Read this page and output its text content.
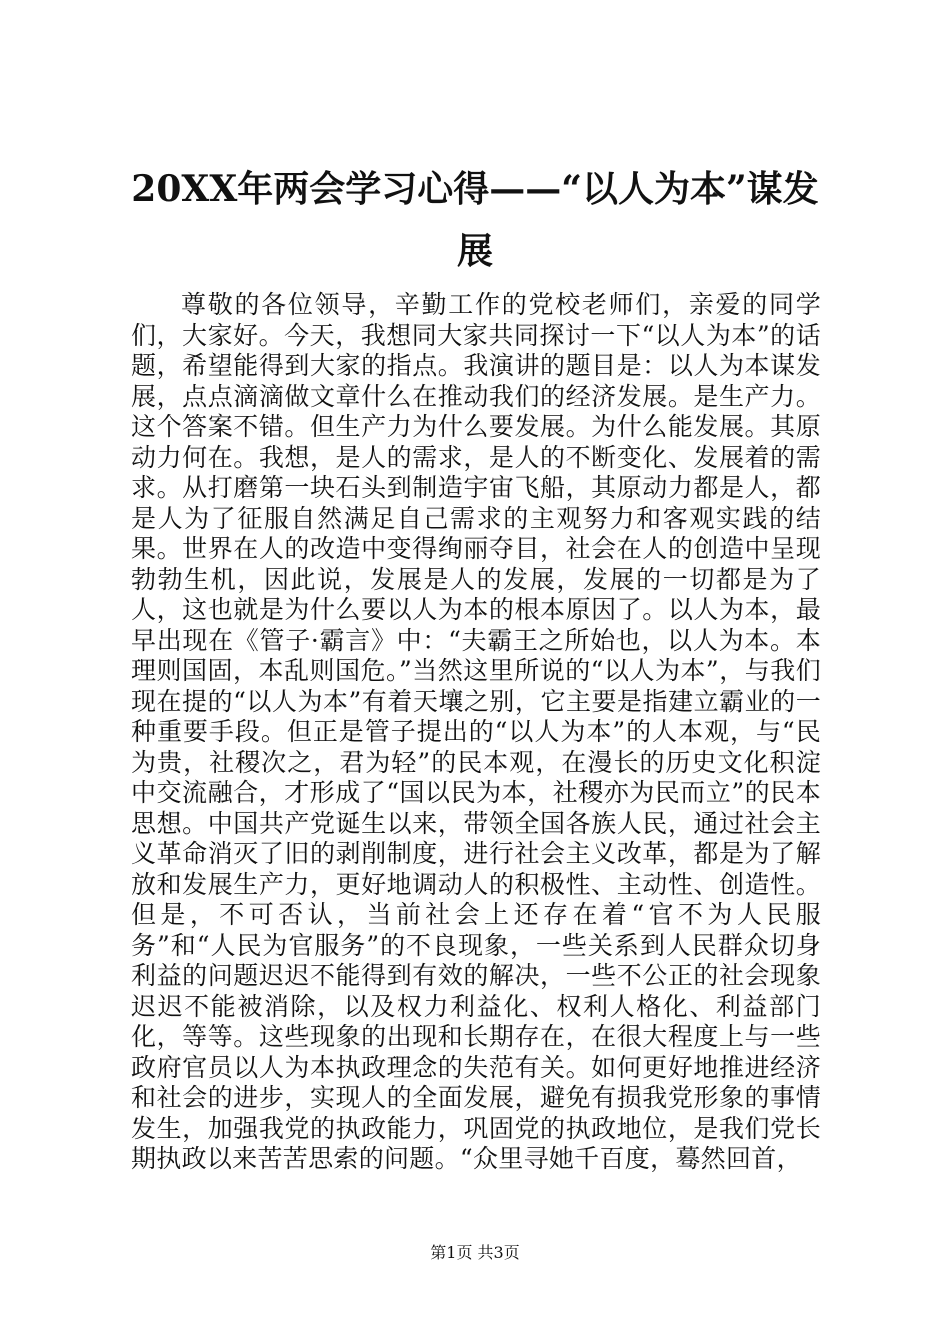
20XX年两会学习心得——“以人为本”谋发展

尊敬的各位领导，辛勤工作的党校老师们，亲爱的同学们，大家好。今天，我想同大家共同探讨一下“以人为本”的话题，希望能得到大家的指点。我演讲的题目是：以人为本谋发展，点点滴滴做文章什么在推动我们的经济发展。是生产力。这个答案不错。但生产力为什么要发展。为什么能发展。其原动力何在。我想，是人的需求，是人的不断变化、发展着的需求。从打磨第一块石头到制造宇宙飞船，其原动力都是人，都是人为了征服自然满足自己需求的主观努力和客观实践的结果。世界在人的改造中变得绚丽夺目，社会在人的创造中呈现勃勃生机，因此说，发展是人的发展，发展的一切都是为了人，这也就是为什么要以人为本的根本原因了。以人为本，最早出现在《管子·霸言》中：“夫霸王之所始也，以人为本。本理则国固，本乱则国危。”当然这里所说的“以人为本”，与我们现在提的“以人为本”有着天壤之别，它主要是指建立霸业的一种重要手段。但正是管子提出的“以人为本”的人本观，与“民为贵，社稷次之，君为轻”的民本观，在漫长的历史文化积淀中交流融合，才形成了“国以民为本，社稷亦为民而立”的民本思想。中国共产党诞生以来，带领全国各族人民，通过社会主义革命消灭了旧的剥削制度，进行社会主义改革，都是为了解放和发展生产力，更好地调动人的积极性、主动性、创造性。但是，不可否认，当前社会上还存在着“官不为人民服务”和“人民为官服务”的不良现象，一些关系到人民群众切身利益的问题迟迟不能得到有效的解决，一些不公正的社会现象迟迟不能被消除，以及权力利益化、权利人格化、利益部门化，等等。这些现象的出现和长期存在，在很大程度上与一些政府官员以人为本执政理念的失范有关。如何更好地推进经济和社会的进步，实现人的全面发展，避免有损我党形象的事情发生，加强我党的执政能力，巩固党的执政地位，是我们党长期执政以来苦苦思索的问题。“众里寻她千百度，蓦然回首，

第1页 共3页
